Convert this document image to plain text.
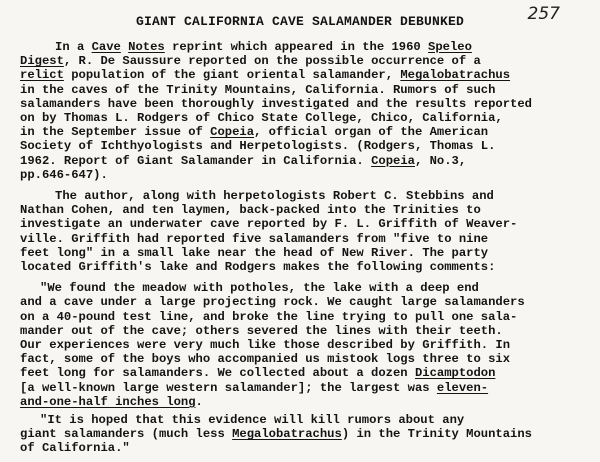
257
GIANT CALIFORNIA CAVE SALAMANDER DEBUNKED
In a Cave Notes reprint which appeared in the 1960 Speleo
Digest, R. De Saussure reported on the possible occurrence of a
relict population of the giant oriental salamander, Megalobatrachus
in the caves of the Trinity Mountains, California. Rumors of such
salamanders have been thoroughly investigated and the results reported
on by Thomas L. Rodgers of Chico State College, Chico, California,
in the September issue of Copeia, official organ of the American
Society of Ichthyologists and Herpetologists. (Rodgers, Thomas L.
1962. Report of Giant Salamander in California. Copeia, No.3,
pp.646-647).
The author, along with herpetologists Robert C. Stebbins and
Nathan Cohen, and ten laymen, back-packed into the Trinities to
investigate an underwater cave reported by F. L. Griffith of Weaver-
ville. Griffith had reported five salamanders from "five to nine
feet long" in a small lake near the head of New River. The party
located Griffith's lake and Rodgers makes the following comments:
"We found the meadow with potholes, the lake with a deep end
and a cave under a large projecting rock. We caught large salamanders
on a 40-pound test line, and broke the line trying to pull one sala-
mander out of the cave; others severed the lines with their teeth.
Our experiences were very much like those described by Griffith. In
fact, some of the boys who accompanied us mistook logs three to six
feet long for salamanders. We collected about a dozen Dicamptodon
[a well-known large western salamander]; the largest was eleven-
and-one-half inches long.
"It is hoped that this evidence will kill rumors about any
giant salamanders (much less Megalobatrachus) in the Trinity Mountains
of California."
